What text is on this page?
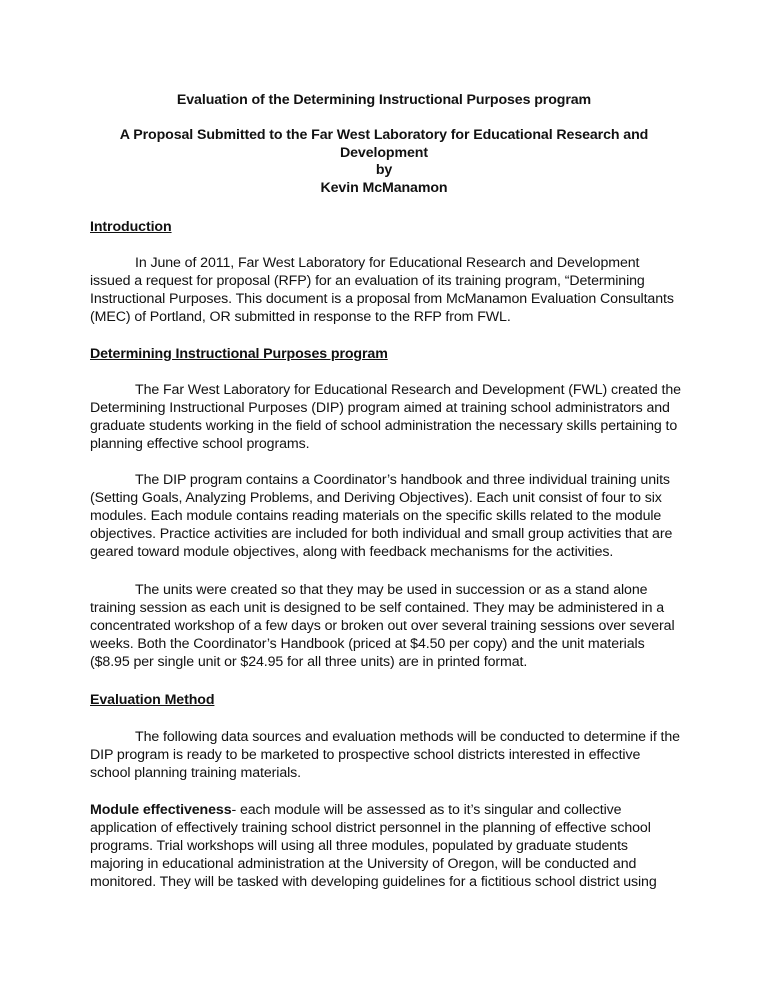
Evaluation of the Determining Instructional Purposes program
A Proposal Submitted to the Far West Laboratory for Educational Research and
Development
by
Kevin McManamon
Introduction
In June of 2011, Far West Laboratory for Educational Research and Development
issued a request for proposal (RFP) for an evaluation of its training program, “Determining
Instructional Purposes. This document is a proposal from McManamon Evaluation Consultants
(MEC) of Portland, OR submitted in response to the RFP from FWL.
Determining Instructional Purposes program
The Far West Laboratory for Educational Research and Development (FWL) created the
Determining Instructional Purposes (DIP) program aimed at training school administrators and
graduate students working in the field of school administration the necessary skills pertaining to
planning effective school programs.
The DIP program contains a Coordinator’s handbook and three individual training units
(Setting Goals, Analyzing Problems, and Deriving Objectives). Each unit consist of four to six
modules. Each module contains reading materials on the specific skills related to the module
objectives. Practice activities are included for both individual and small group activities that are
geared toward module objectives, along with feedback mechanisms for the activities.
The units were created so that they may be used in succession or as a stand alone
training session as each unit is designed to be self contained. They may be administered in a
concentrated workshop of a few days or broken out over several training sessions over several
weeks. Both the Coordinator’s Handbook (priced at $4.50 per copy) and the unit materials
($8.95 per single unit or $24.95 for all three units) are in printed format.
Evaluation Method
The following data sources and evaluation methods will be conducted to determine if the
DIP program is ready to be marketed to prospective school districts interested in effective
school planning training materials.
Module effectiveness- each module will be assessed as to it’s singular and collective
application of effectively training school district personnel in the planning of effective school
programs. Trial workshops will using all three modules, populated by graduate students
majoring in educational administration at the University of Oregon, will be conducted and
monitored. They will be tasked with developing guidelines for a fictitious school district using
